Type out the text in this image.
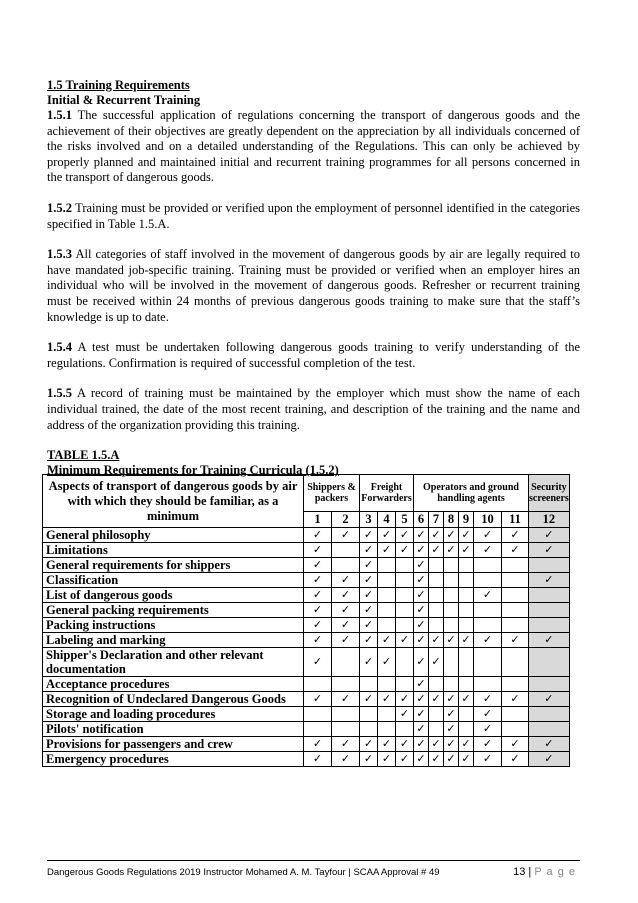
1.5 Training Requirements
Initial & Recurrent Training

1.5.1 The successful application of regulations concerning the transport of dangerous goods and the achievement of their objectives are greatly dependent on the appreciation by all individuals concerned of the risks involved and on a detailed understanding of the Regulations. This can only be achieved by properly planned and maintained initial and recurrent training programmes for all persons concerned in the transport of dangerous goods.

1.5.2 Training must be provided or verified upon the employment of personnel identified in the categories specified in Table 1.5.A.

1.5.3 All categories of staff involved in the movement of dangerous goods by air are legally required to have mandated job-specific training. Training must be provided or verified when an employer hires an individual who will be involved in the movement of dangerous goods. Refresher or recurrent training must be received within 24 months of previous dangerous goods training to make sure that the staff’s knowledge is up to date.

1.5.4 A test must be undertaken following dangerous goods training to verify understanding of the regulations. Confirmation is required of successful completion of the test.

1.5.5 A record of training must be maintained by the employer which must show the name of each individual trained, the date of the most recent training, and description of the training and the name and address of the organization providing this training.

TABLE 1.5.A
Minimum Requirements for Training Curricula (1.5.2)
Aspects of transport of dangerous goods by air with which they should be familiar, as a minimum	Shippers & packers		Freight Forwarders			Operators and ground handling agents						Security screeners
	1	2	3	4	5	6	7	8	9	10	11	12
General philosophy	✓	✓	✓	✓	✓	✓	✓	✓	✓	✓	✓	✓
Limitations	✓		✓	✓	✓	✓	✓	✓	✓	✓	✓	✓
General requirements for shippers	✓		✓			✓						
Classification	✓	✓	✓			✓						✓
List of dangerous goods	✓	✓	✓			✓				✓		
General packing requirements	✓	✓	✓			✓						
Packing instructions	✓	✓	✓			✓						
Labeling and marking	✓	✓	✓	✓	✓	✓	✓	✓	✓	✓	✓	✓
Shipper's Declaration and other relevant documentation	✓		✓	✓		✓	✓					
Acceptance procedures						✓						
Recognition of Undeclared Dangerous Goods	✓	✓	✓	✓	✓	✓	✓	✓	✓	✓	✓	✓
Storage and loading procedures					✓	✓		✓		✓		
Pilots' notification						✓		✓		✓		
Provisions for passengers and crew	✓	✓	✓	✓	✓	✓	✓	✓	✓	✓	✓	✓
Emergency procedures	✓	✓	✓	✓	✓	✓	✓	✓	✓	✓	✓	✓
Dangerous Goods Regulations 2019 Instructor Mohamed A. M. Tayfour | SCAA Approval # 49	13 | P a g e
